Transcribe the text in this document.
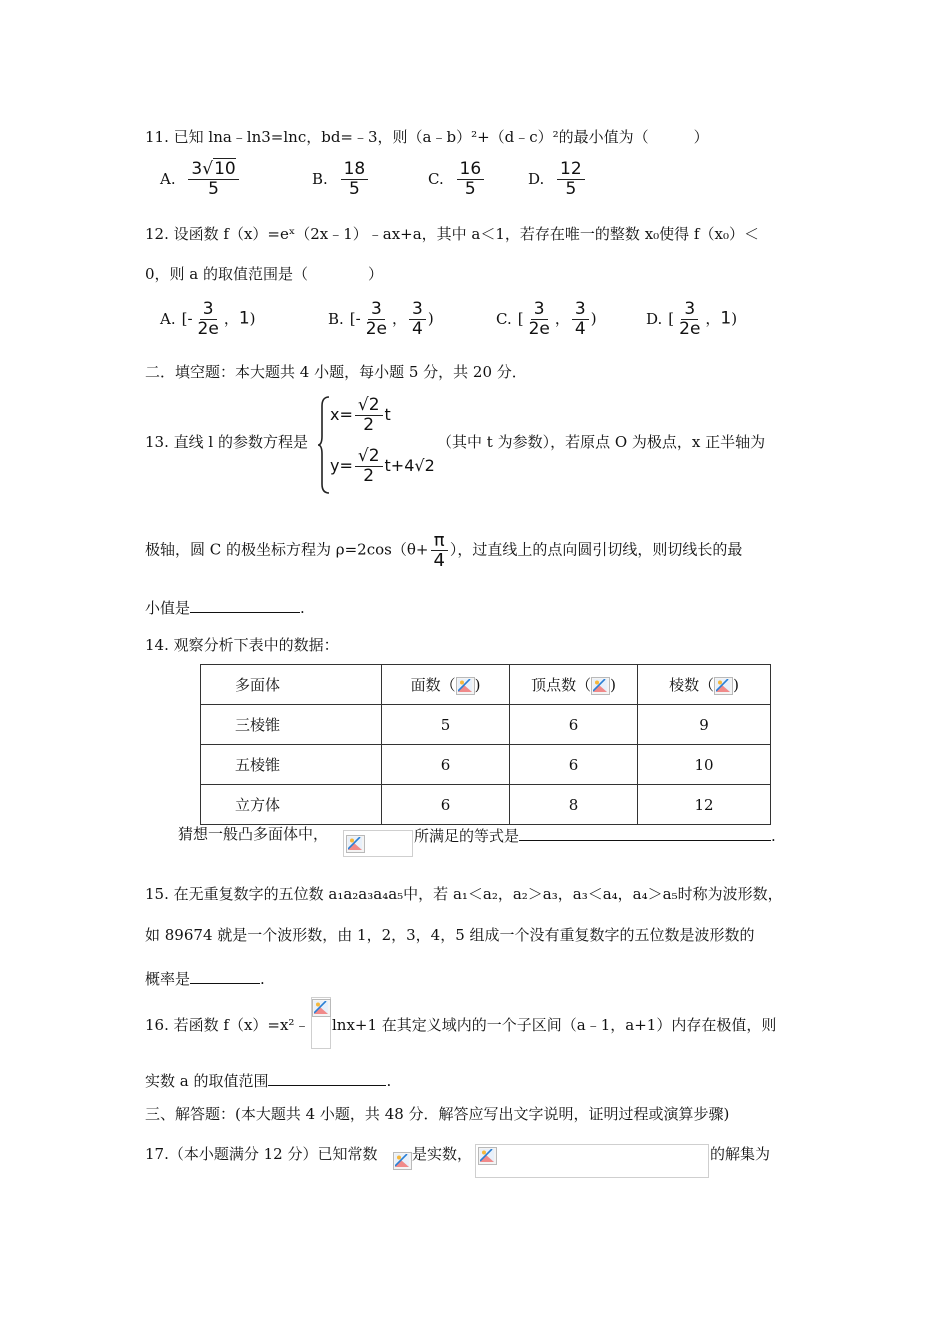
11. 已知 lna﹣ln3=lnc，bd=﹣3，则（a﹣b）²+（d﹣c）²的最小值为（　　　）
A. $\frac{3√10}{5}$	B. $\frac{18}{5}$	C. $\frac{16}{5}$	D. $\frac{12}{5}$
12. 设函数 f（x）=eˣ（2x﹣1）﹣ax+a，其中 a＜1，若存在唯一的整数 x₀使得 f（x₀）＜
0，则 a 的取值范围是（　　　　）
A. [- $\frac{3}{2e}$ ，1)	B. [- $\frac{3}{2e}$ ， $\frac{3}{4}$ )	C. [ $\frac{3}{2e}$ ， $\frac{3}{4}$ )	D. [ $\frac{3}{2e}$ ，1)
二．填空题：本大题共 4 小题，每小题 5 分，共 20 分．
13. 直线 l 的参数方程是
$x= \frac{√2}{2}$ t
$y= \frac{√2}{2} t+4√2$
（其中 t 为参数），若原点 O 为极点，x 正半轴为
极轴，圆 C 的极坐标方程为 $\rho=2\cos(\theta+ \frac{\pi}{4}$ ），过直线上的点向圆引切线，则切线长的最
小值是	.
14. 观察分析下表中的数据：
多面体	面数（ )	顶点数（ )	棱数（ )
三棱锥	5	6	9
五棱锥	6	6	10
立方体	6	8	12
猜想一般凸多面体中，	所满足的等式是	.
15. 在无重复数字的五位数 a₁a₂a₃a₄a₅中，若 a₁＜a₂，a₂＞a₃，a₃＜a₄，a₄＞a₅时称为波形数，
如 89674 就是一个波形数，由 1，2，3，4，5 组成一个没有重复数字的五位数是波形数的
概率是	.
16. 若函数 f（x）=x²﹣ lnx+1 在其定义域内的一个子区间（a﹣1，a+1）内存在极值，则
实数 a 的取值范围	.
三、解答题：(本大题共 4 小题，共 48 分．解答应写出文字说明，证明过程或演算步骤)
17.（本小题满分 12 分）已知常数 是实数，	的解集为
